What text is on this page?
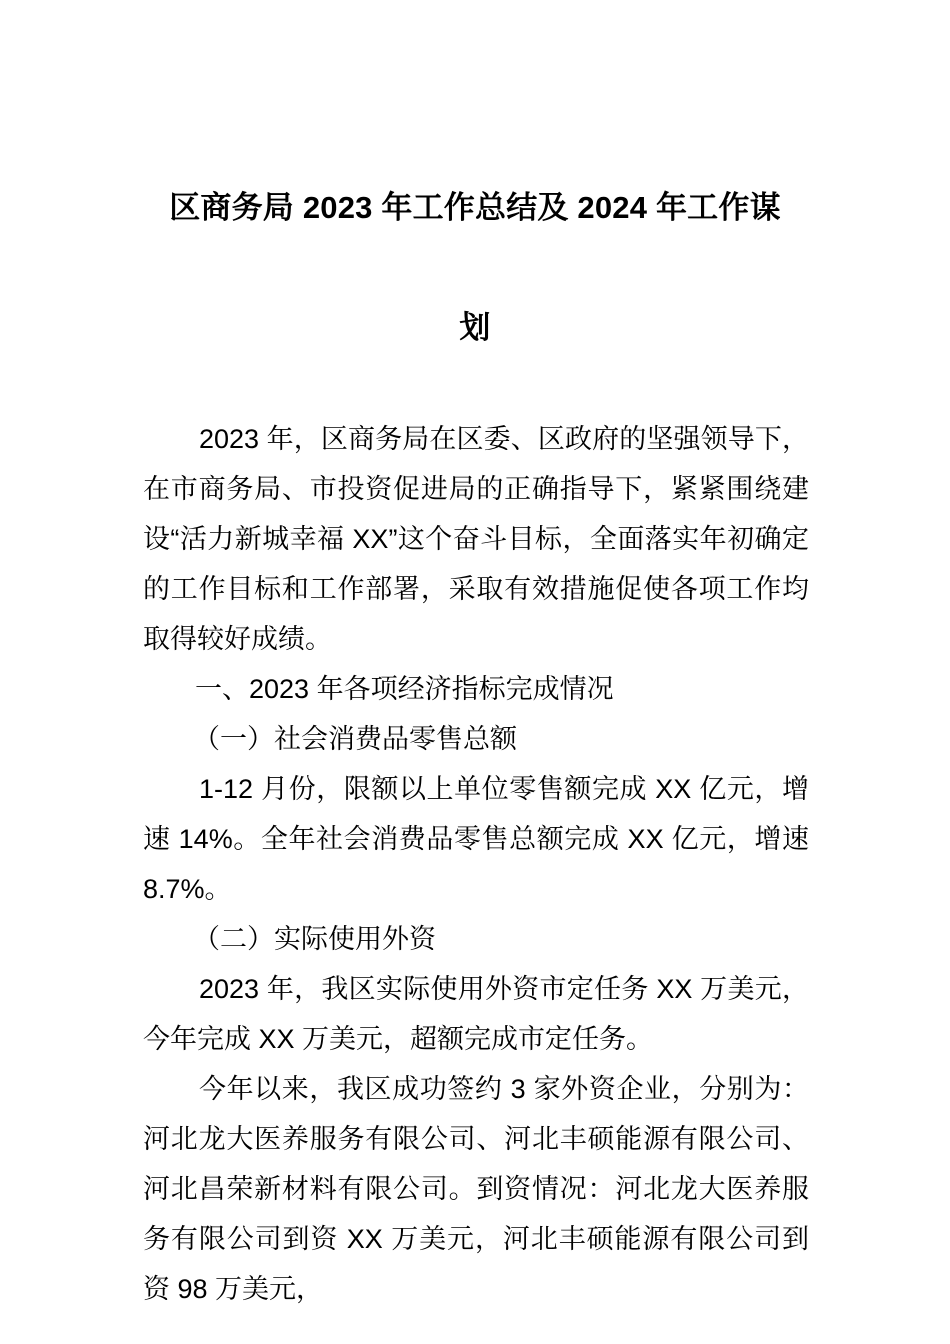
区商务局 2023 年工作总结及 2024 年工作谋
划

2023 年，区商务局在区委、区政府的坚强领导下，在市商务局、市投资促进局的正确指导下，紧紧围绕建设“活力新城幸福 XX”这个奋斗目标，全面落实年初确定的工作目标和工作部署，采取有效措施促使各项工作均取得较好成绩。

一、2023 年各项经济指标完成情况

（一）社会消费品零售总额

1-12 月份，限额以上单位零售额完成 XX 亿元，增速 14%。全年社会消费品零售总额完成 XX 亿元，增速 8.7%。

（二）实际使用外资

2023 年，我区实际使用外资市定任务 XX 万美元，今年完成 XX 万美元，超额完成市定任务。

今年以来，我区成功签约 3 家外资企业，分别为：河北龙大医养服务有限公司、河北丰硕能源有限公司、河北昌荣新材料有限公司。到资情况：河北龙大医养服务有限公司到资 XX 万美元，河北丰硕能源有限公司到资 98 万美元，
